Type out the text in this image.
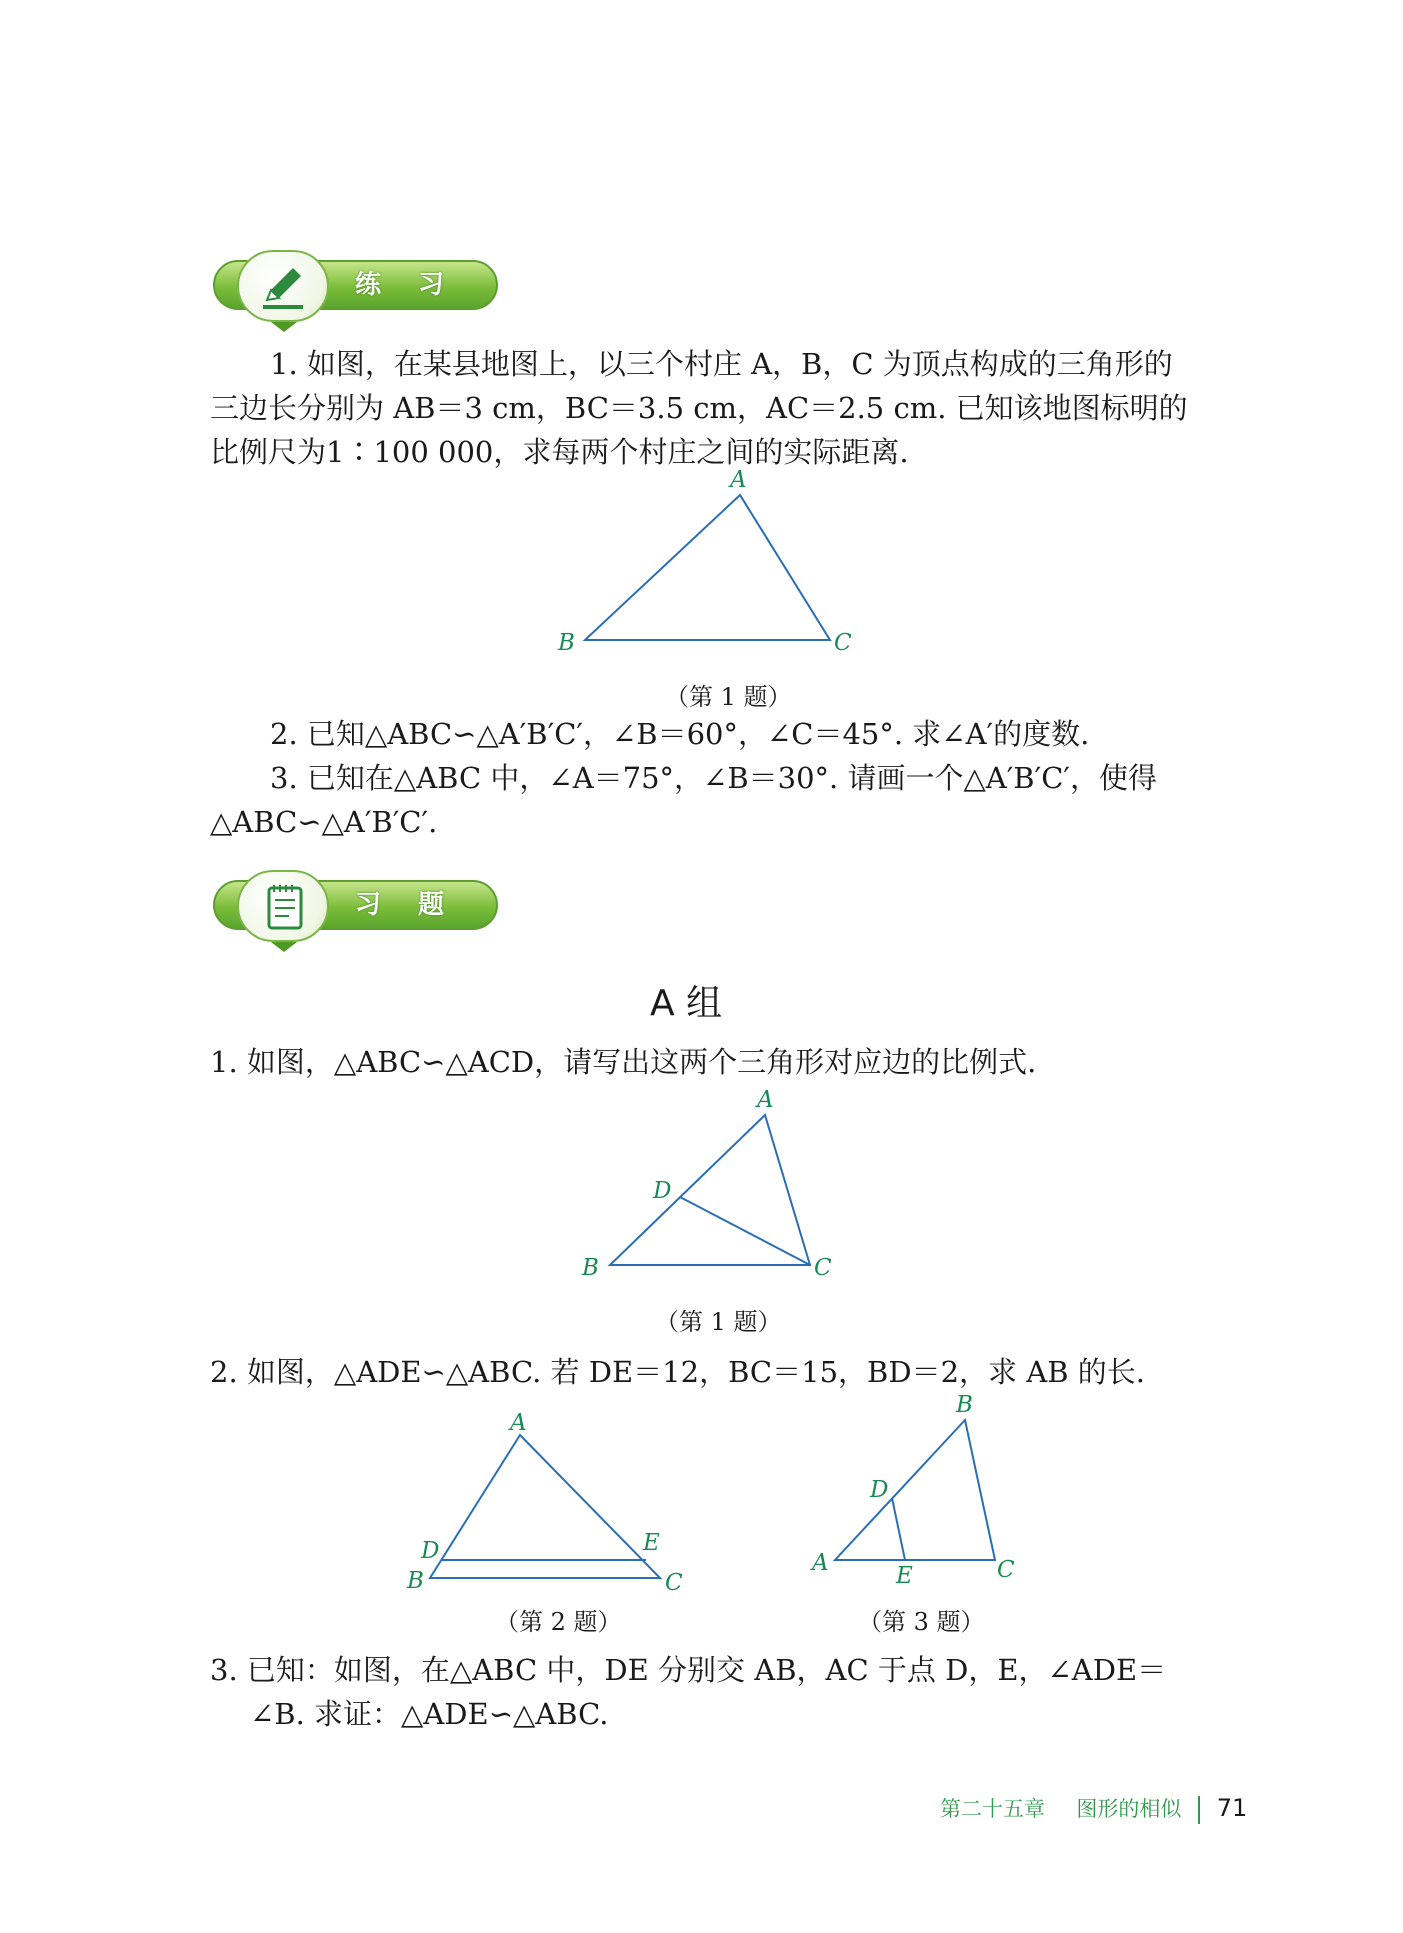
练 习
1. 如图，在某县地图上，以三个村庄 A，B，C 为顶点构成的三角形的
三边长分别为 AB＝3 cm，BC＝3.5 cm，AC＝2.5 cm. 已知该地图标明的
比例尺为1∶100 000，求每两个村庄之间的实际距离.
A
B	C
（第 1 题）
2. 已知△ABC∽△A′B′C′，∠B＝60°，∠C＝45°. 求∠A′的度数.
3. 已知在△ABC 中，∠A＝75°，∠B＝30°. 请画一个△A′B′C′，使得
△ABC∽△A′B′C′.
习 题
A 组
1. 如图，△ABC∽△ACD，请写出这两个三角形对应边的比例式.
A
D
B	C
（第 1 题）
2. 如图，△ADE∽△ABC. 若 DE＝12，BC＝15，BD＝2，求 AB 的长.
A
D	E
B	C
（第 2 题）
B
D
A	E	C
（第 3 题）
3. 已知：如图，在△ABC 中，DE 分别交 AB，AC 于点 D，E，∠ADE＝
∠B. 求证：△ADE∽△ABC.
第二十五章 图形的相似 71
